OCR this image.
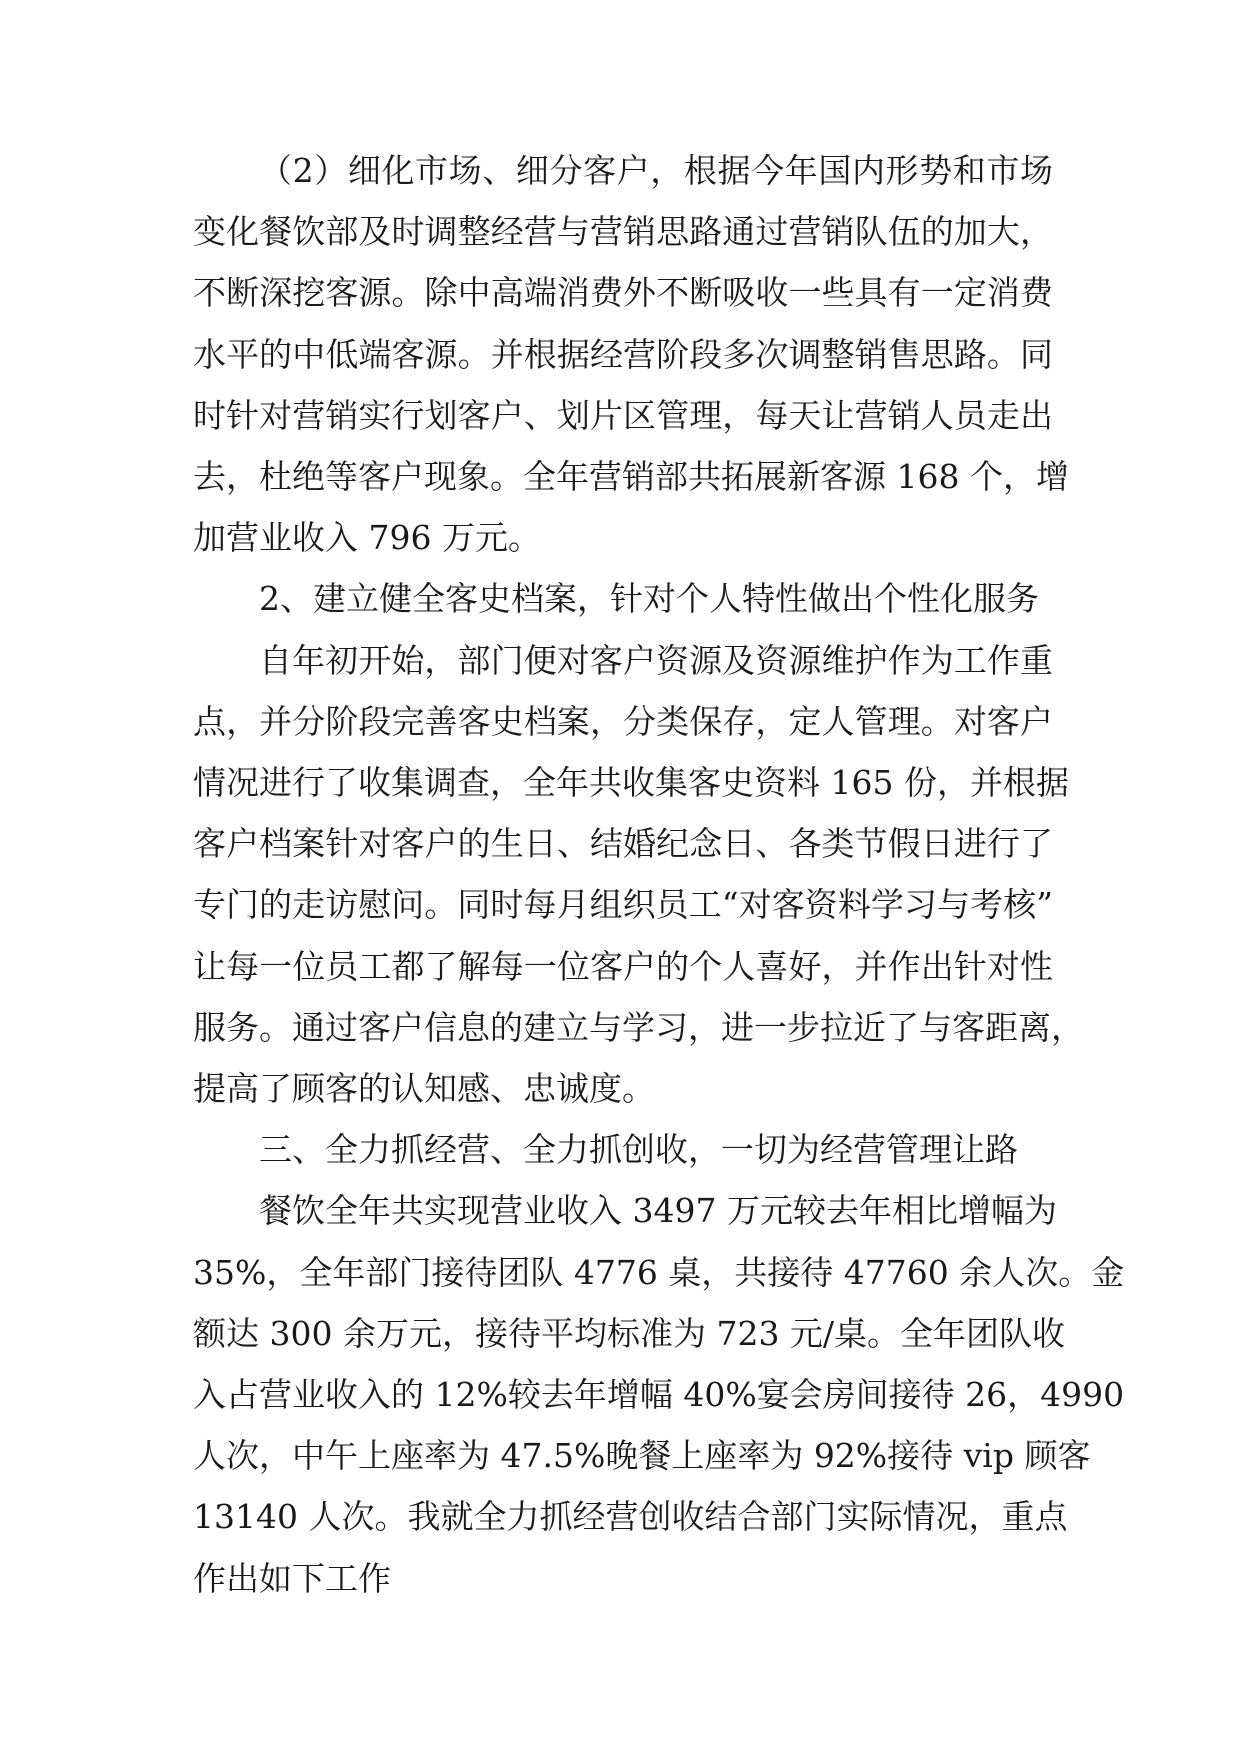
（2）细化市场、细分客户，根据今年国内形势和市场
变化餐饮部及时调整经营与营销思路通过营销队伍的加大，
不断深挖客源。除中高端消费外不断吸收一些具有一定消费
水平的中低端客源。并根据经营阶段多次调整销售思路。同
时针对营销实行划客户、划片区管理，每天让营销人员走出
去，杜绝等客户现象。全年营销部共拓展新客源 168 个，增
加营业收入 796 万元。
2、建立健全客史档案，针对个人特性做出个性化服务
自年初开始，部门便对客户资源及资源维护作为工作重
点，并分阶段完善客史档案，分类保存，定人管理。对客户
情况进行了收集调查，全年共收集客史资料 165 份，并根据
客户档案针对客户的生日、结婚纪念日、各类节假日进行了
专门的走访慰问。同时每月组织员工“对客资料学习与考核”
让每一位员工都了解每一位客户的个人喜好，并作出针对性
服务。通过客户信息的建立与学习，进一步拉近了与客距离，
提高了顾客的认知感、忠诚度。
三、全力抓经营、全力抓创收，一切为经营管理让路
餐饮全年共实现营业收入 3497 万元较去年相比增幅为
35%，全年部门接待团队 4776 桌，共接待 47760 余人次。金
额达 300 余万元，接待平均标准为 723 元/桌。全年团队收
入占营业收入的 12%较去年增幅 40%宴会房间接待 26，4990
人次，中午上座率为 47.5%晚餐上座率为 92%接待 vip 顾客
13140 人次。我就全力抓经营创收结合部门实际情况，重点
作出如下工作
